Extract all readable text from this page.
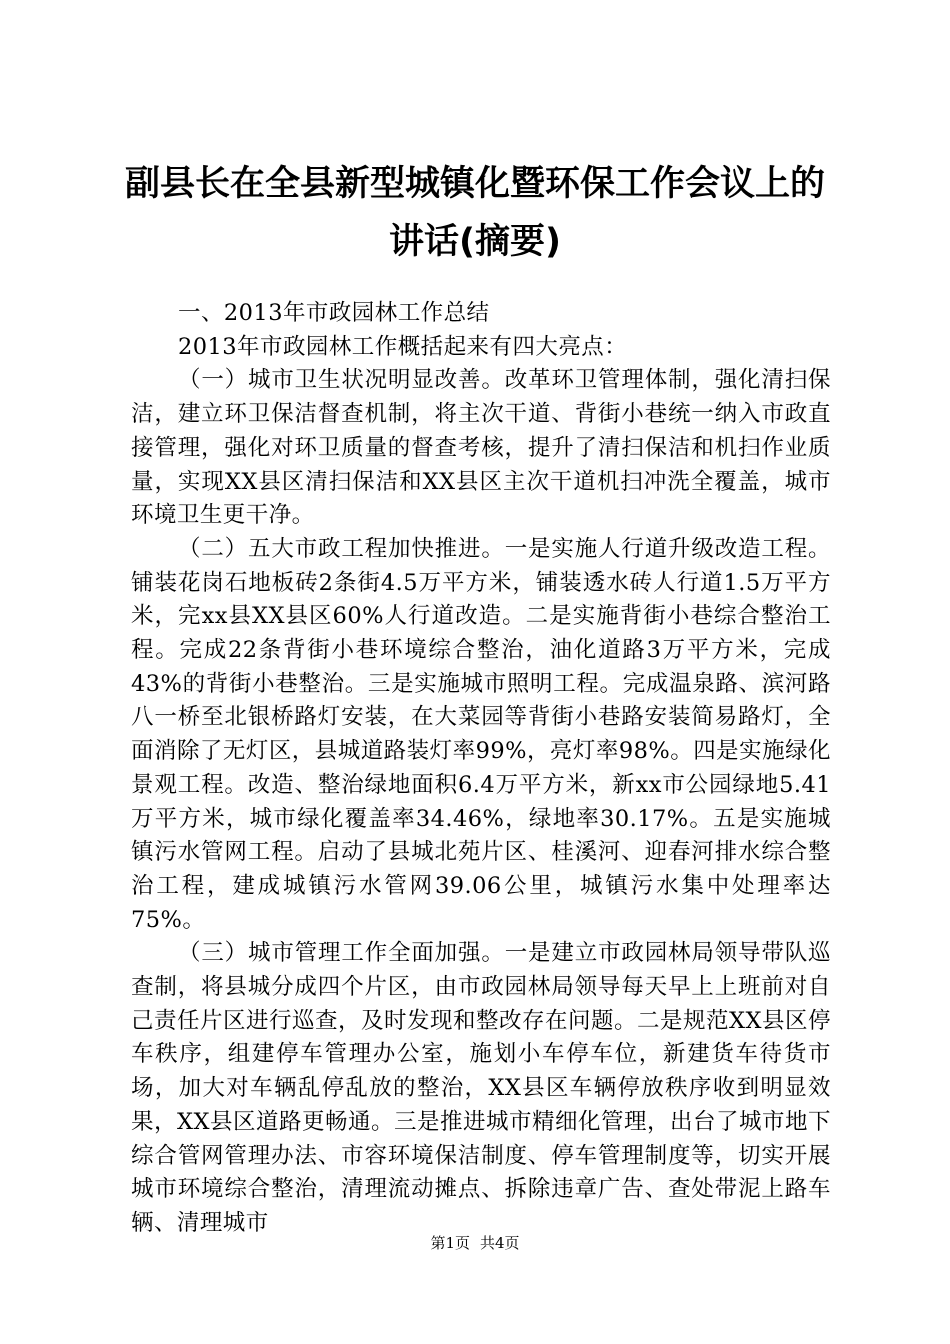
副县长在全县新型城镇化暨环保工作会议上的
讲话(摘要)

一、2013年市政园林工作总结

2013年市政园林工作概括起来有四大亮点：

（一）城市卫生状况明显改善。改革环卫管理体制，强化清扫保洁，建立环卫保洁督查机制，将主次干道、背街小巷统一纳入市政直接管理，强化对环卫质量的督查考核，提升了清扫保洁和机扫作业质量，实现XX县区清扫保洁和XX县区主次干道机扫冲洗全覆盖，城市环境卫生更干净。

（二）五大市政工程加快推进。一是实施人行道升级改造工程。铺装花岗石地板砖2条街4.5万平方米，铺装透水砖人行道1.5万平方米，完xx县XX县区60%人行道改造。二是实施背街小巷综合整治工程。完成22条背街小巷环境综合整治，油化道路3万平方米，完成43%的背街小巷整治。三是实施城市照明工程。完成温泉路、滨河路八一桥至北银桥路灯安装，在大菜园等背街小巷路安装简易路灯，全面消除了无灯区，县城道路装灯率99%，亮灯率98%。四是实施绿化景观工程。改造、整治绿地面积6.4万平方米，新xx市公园绿地5.41万平方米，城市绿化覆盖率34.46%，绿地率30.17%。五是实施城镇污水管网工程。启动了县城北苑片区、桂溪河、迎春河排水综合整治工程，建成城镇污水管网39.06公里，城镇污水集中处理率达75%。

（三）城市管理工作全面加强。一是建立市政园林局领导带队巡查制，将县城分成四个片区，由市政园林局领导每天早上上班前对自己责任片区进行巡查，及时发现和整改存在问题。二是规范XX县区停车秩序，组建停车管理办公室，施划小车停车位，新建货车待货市场，加大对车辆乱停乱放的整治，XX县区车辆停放秩序收到明显效果，XX县区道路更畅通。三是推进城市精细化管理，出台了城市地下综合管网管理办法、市容环境保洁制度、停车管理制度等，切实开展城市环境综合整治，清理流动摊点、拆除违章广告、查处带泥上路车辆、清理城市

第1页 共4页
